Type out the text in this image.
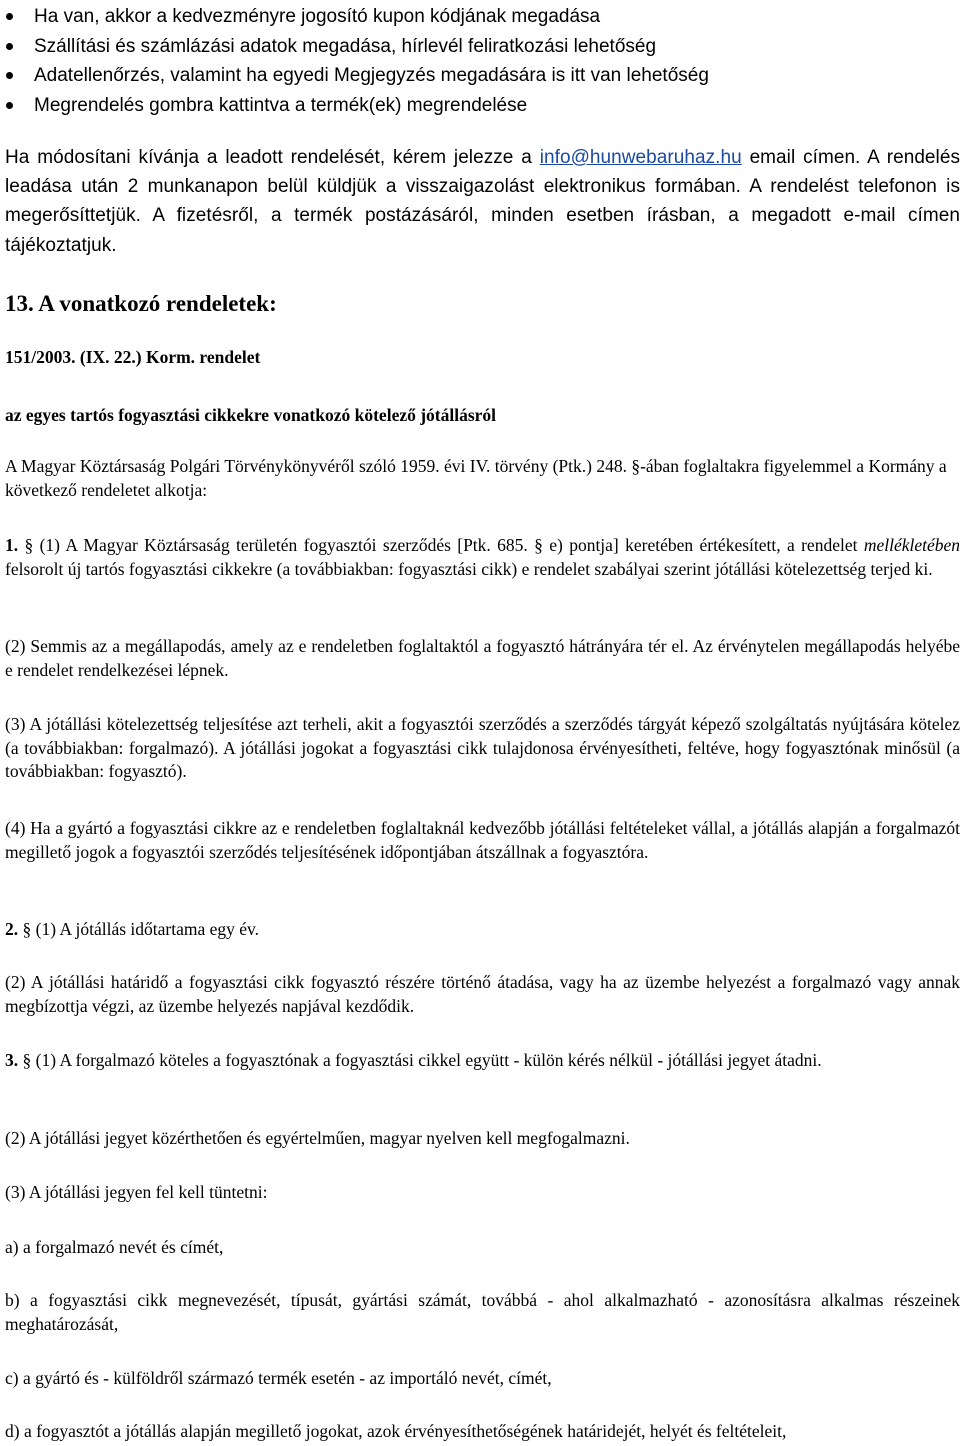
Ha van, akkor a kedvezményre jogosító kupon kódjának megadása
Szállítási és számlázási adatok megadása, hírlevél feliratkozási lehetőség
Adatellenőrzés, valamint ha egyedi Megjegyzés megadására is itt van lehetőség
Megrendelés gombra kattintva a termék(ek) megrendelése

Ha módosítani kívánja a leadott rendelését, kérem jelezze a info@hunwebaruhaz.hu email címen. A rendelés leadása után 2 munkanapon belül küldjük a visszaigazolást elektronikus formában. A rendelést telefonon is megerősíttetjük. A fizetésről, a termék postázásáról, minden esetben írásban, a megadott e-mail címen tájékoztatjuk.

13. A vonatkozó rendeletek:
151/2003. (IX. 22.) Korm. rendelet
az egyes tartós fogyasztási cikkekre vonatkozó kötelező jótállásról

A Magyar Köztársaság Polgári Törvénykönyvéről szóló 1959. évi IV. törvény (Ptk.) 248. §-ában foglaltakra figyelemmel a Kormány a következő rendeletet alkotja:

1. § (1) A Magyar Köztársaság területén fogyasztói szerződés [Ptk. 685. § e) pontja] keretében értékesített, a rendelet mellékletében felsorolt új tartós fogyasztási cikkekre (a továbbiakban: fogyasztási cikk) e rendelet szabályai szerint jótállási kötelezettség terjed ki.

(2) Semmis az a megállapodás, amely az e rendeletben foglaltaktól a fogyasztó hátrányára tér el. Az érvénytelen megállapodás helyébe e rendelet rendelkezései lépnek.

(3) A jótállási kötelezettség teljesítése azt terheli, akit a fogyasztói szerződés a szerződés tárgyát képező szolgáltatás nyújtására kötelez (a továbbiakban: forgalmazó). A jótállási jogokat a fogyasztási cikk tulajdonosa érvényesítheti, feltéve, hogy fogyasztónak minősül (a továbbiakban: fogyasztó).

(4) Ha a gyártó a fogyasztási cikkre az e rendeletben foglaltaknál kedvezőbb jótállási feltételeket vállal, a jótállás alapján a forgalmazót megillető jogok a fogyasztói szerződés teljesítésének időpontjában átszállnak a fogyasztóra.

2. § (1) A jótállás időtartama egy év.

(2) A jótállási határidő a fogyasztási cikk fogyasztó részére történő átadása, vagy ha az üzembe helyezést a forgalmazó vagy annak megbízottja végzi, az üzembe helyezés napjával kezdődik.

3. § (1) A forgalmazó köteles a fogyasztónak a fogyasztási cikkel együtt - külön kérés nélkül - jótállási jegyet átadni.

(2) A jótállási jegyet közérthetően és egyértelműen, magyar nyelven kell megfogalmazni.

(3) A jótállási jegyen fel kell tüntetni:

a) a forgalmazó nevét és címét,

b) a fogyasztási cikk megnevezését, típusát, gyártási számát, továbbá - ahol alkalmazható - azonosításra alkalmas részeinek meghatározását,

c) a gyártó és - külföldről származó termék esetén - az importáló nevét, címét,

d) a fogyasztót a jótállás alapján megillető jogokat, azok érvényesíthetőségének határidejét, helyét és feltételeit,
